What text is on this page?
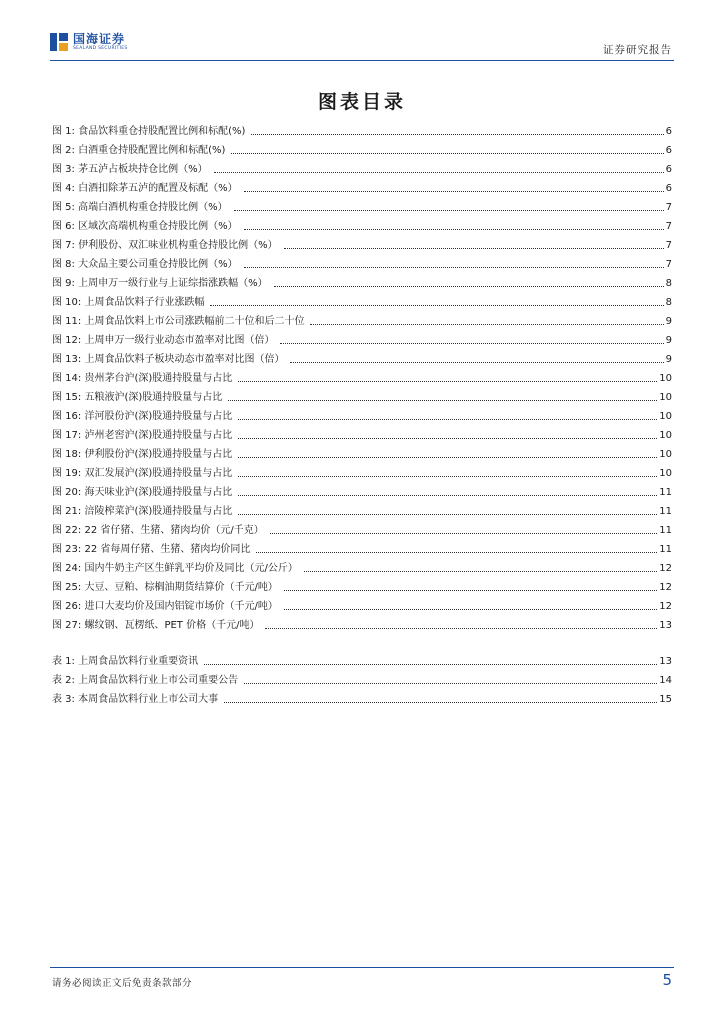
国海证券
SEALAND SECURITIES	证券研究报告
图表目录
图 1: 食品饮料重仓持股配置比例和标配(%)	6
图 2: 白酒重仓持股配置比例和标配(%)	6
图 3: 茅五泸占板块持仓比例（%）	6
图 4: 白酒扣除茅五泸的配置及标配（%）	6
图 5: 高端白酒机构重仓持股比例（%）	7
图 6: 区域次高端机构重仓持股比例（%）	7
图 7: 伊利股份、双汇味业机构重仓持股比例（%）	7
图 8: 大众品主要公司重仓持股比例（%）	7
图 9: 上周申万一级行业与上证综指涨跌幅（%）	8
图 10: 上周食品饮料子行业涨跌幅	8
图 11: 上周食品饮料上市公司涨跌幅前二十位和后二十位	9
图 12: 上周申万一级行业动态市盈率对比图（倍）	9
图 13: 上周食品饮料子板块动态市盈率对比图（倍）	9
图 14: 贵州茅台沪(深)股通持股量与占比	10
图 15: 五粮液沪(深)股通持股量与占比	10
图 16: 洋河股份沪(深)股通持股量与占比	10
图 17: 泸州老窖沪(深)股通持股量与占比	10
图 18: 伊利股份沪(深)股通持股量与占比	10
图 19: 双汇发展沪(深)股通持股量与占比	10
图 20: 海天味业沪(深)股通持股量与占比	11
图 21: 涪陵榨菜沪(深)股通持股量与占比	11
图 22: 22 省仔猪、生猪、猪肉均价（元/千克）	11
图 23: 22 省每周仔猪、生猪、猪肉均价同比	11
图 24: 国内牛奶主产区生鲜乳平均价及同比（元/公斤）	12
图 25: 大豆、豆粕、棕榈油期货结算价（千元/吨）	12
图 26: 进口大麦均价及国内铝锭市场价（千元/吨）	12
图 27: 螺纹钢、瓦楞纸、PET 价格（千元/吨）	13
表 1: 上周食品饮料行业重要资讯	13
表 2: 上周食品饮料行业上市公司重要公告	14
表 3: 本周食品饮料行业上市公司大事	15
请务必阅读正文后免责条款部分	5
